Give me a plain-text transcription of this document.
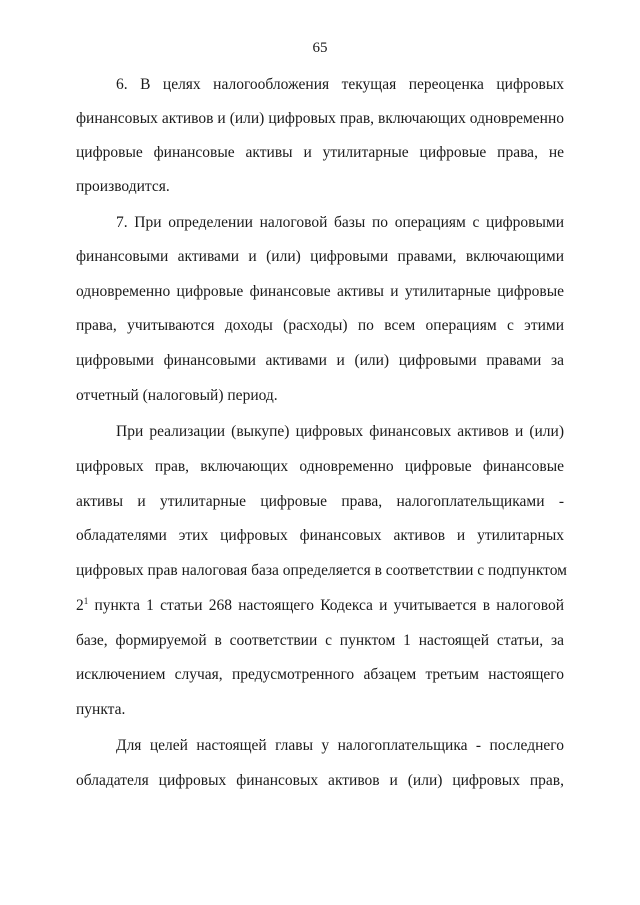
65
6. В целях налогообложения текущая переоценка цифровых
финансовых активов и (или) цифровых прав, включающих одновременно
цифровые финансовые активы и утилитарные цифровые права, не
производится.
7. При определении налоговой базы по операциям с цифровыми
финансовыми активами и (или) цифровыми правами, включающими
одновременно цифровые финансовые активы и утилитарные цифровые
права, учитываются доходы (расходы) по всем операциям с этими
цифровыми финансовыми активами и (или) цифровыми правами за
отчетный (налоговый) период.
При реализации (выкупе) цифровых финансовых активов и (или)
цифровых прав, включающих одновременно цифровые финансовые
активы и утилитарные цифровые права, налогоплательщиками -
обладателями этих цифровых финансовых активов и утилитарных
цифровых прав налоговая база определяется в соответствии с подпунктом
$2^1$ пункта 1 статьи 268 настоящего Кодекса и учитывается в налоговой
базе, формируемой в соответствии с пунктом 1 настоящей статьи, за
исключением случая, предусмотренного абзацем третьим настоящего
пункта.
Для целей настоящей главы у налогоплательщика - последнего
обладателя цифровых финансовых активов и (или) цифровых прав,
